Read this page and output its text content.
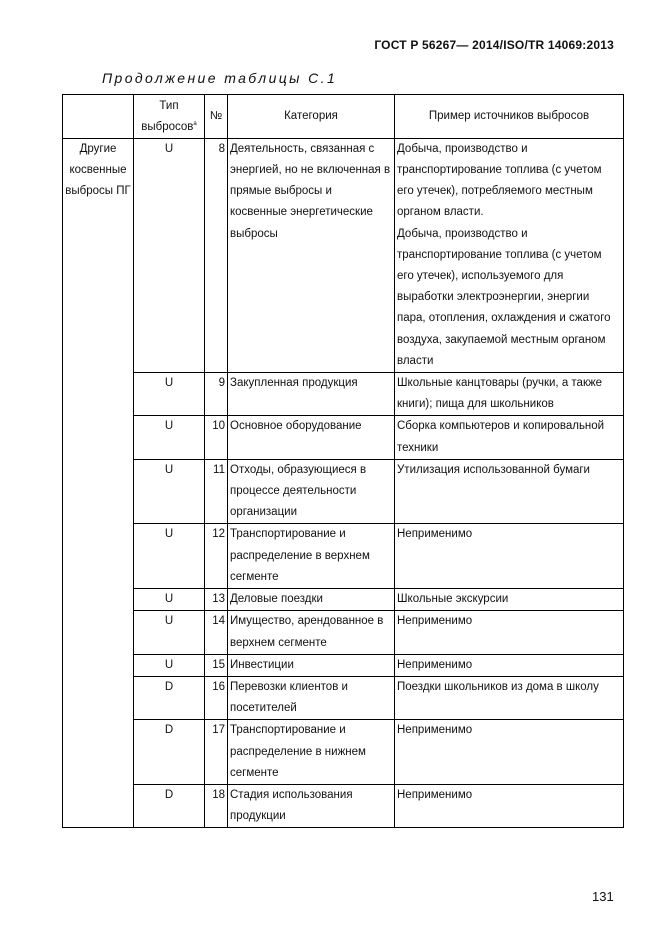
ГОСТ Р 56267— 2014/ISO/TR 14069:2013
Продолжение таблицы С.1
	Тип выбросов$^а$	№	Категория	Пример источников выбросов
Другие косвенные выбросы ПГ	U	8	Деятельность, связанная с энергией, но не включенная в прямые выбросы и косвенные энергетические выбросы	Добыча, производство и транспортирование топлива (с учетом его утечек), потребляемого местным органом власти.
Добыча, производство и транспортирование топлива (с учетом его утечек), используемого для выработки электроэнергии, энергии пара, отопления, охлаждения и сжатого воздуха, закупаемой местным органом власти

	U	9	Закупленная продукция	Школьные канцтовары (ручки, а также книги); пища для школьников

	U	10	Основное оборудование	Сборка компьютеров и копировальной техники

	U	11	Отходы, образующиеся в процессе деятельности организации	Утилизация использованной бумаги

	U	12	Транспортирование и распределение в верхнем сегменте	Неприменимо

	U	13	Деловые поездки	Школьные экскурсии

	U	14	Имущество, арендованное в верхнем сегменте	Неприменимо

	U	15	Инвестиции	Неприменимо

	D	16	Перевозки клиентов и посетителей	Поездки школьников из дома в школу

	D	17	Транспортирование и распределение в нижнем сегменте	Неприменимо

	D	18	Стадия использования продукции	Неприменимо
131
